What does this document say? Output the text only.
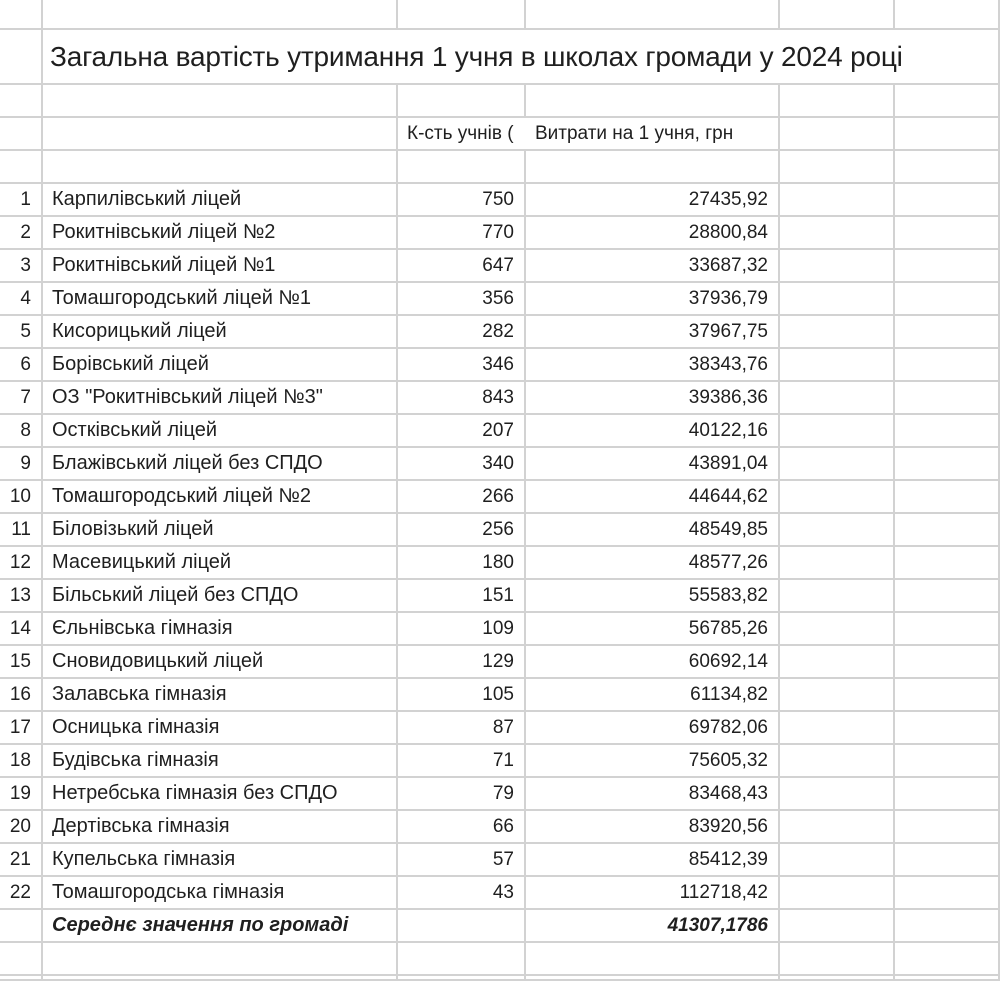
Загальна вартість утримання 1 учня в школах громади у 2024 році
К-сть учнів (	Витрати на 1 учня, грн
1	Карпилівський ліцей	750	27435,92
2	Рокитнівський ліцей №2	770	28800,84
3	Рокитнівський ліцей №1	647	33687,32
4	Томашгородський ліцей №1	356	37936,79
5	Кисорицький ліцей	282	37967,75
6	Борівський ліцей	346	38343,76
7	ОЗ "Рокитнівський ліцей №3"	843	39386,36
8	Остківський ліцей	207	40122,16
9	Блажівський ліцей без СПДО	340	43891,04
10	Томашгородський ліцей №2	266	44644,62
11	Біловізький ліцей	256	48549,85
12	Масевицький ліцей	180	48577,26
13	Більський ліцей без СПДО	151	55583,82
14	Єльнівська гімназія	109	56785,26
15	Сновидовицький ліцей	129	60692,14
16	Залавська гімназія	105	61134,82
17	Осницька гімназія	87	69782,06
18	Будівська гімназія	71	75605,32
19	Нетребська гімназія без СПДО	79	83468,43
20	Дертівська гімназія	66	83920,56
21	Купельська гімназія	57	85412,39
22	Томашгородська гімназія	43	112718,42
Середнє значення по громаді	41307,1786
